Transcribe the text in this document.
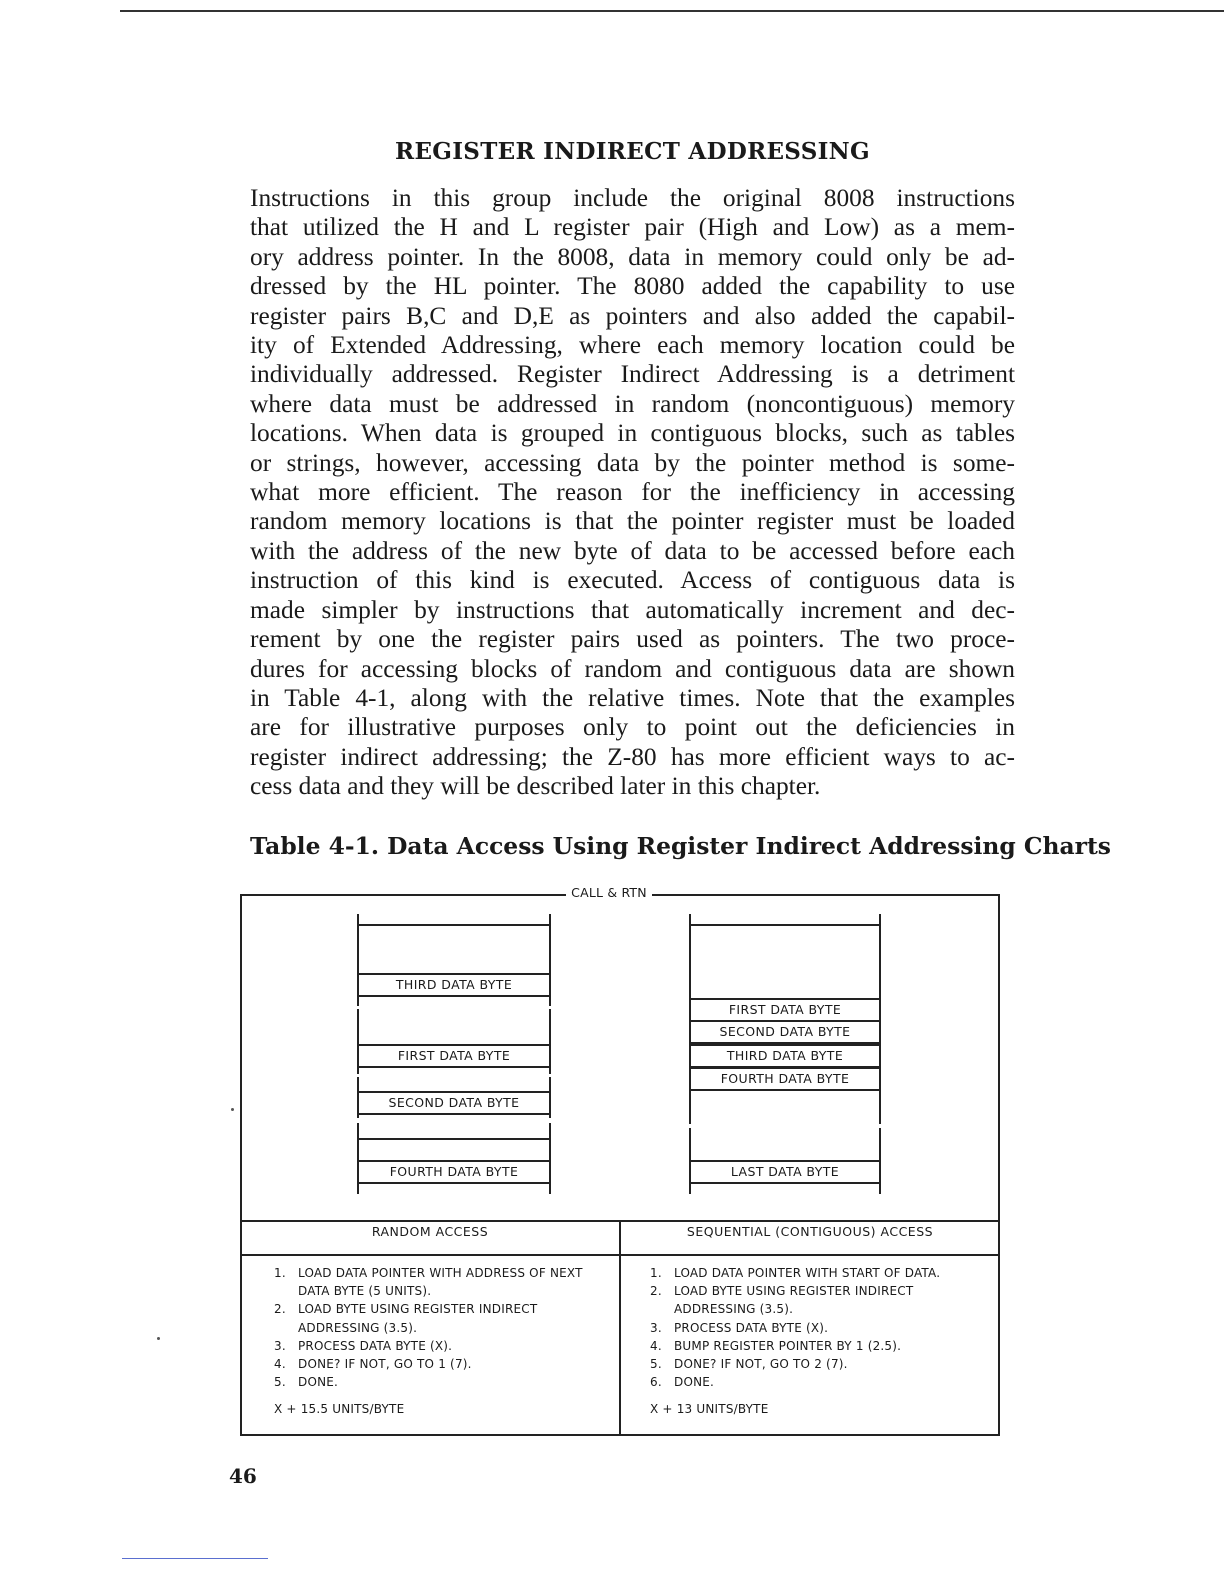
REGISTER INDIRECT ADDRESSING
Instructions in this group include the original 8008 instructions
that utilized the H and L register pair (High and Low) as a mem-
ory address pointer. In the 8008, data in memory could only be ad-
dressed by the HL pointer. The 8080 added the capability to use
register pairs B,C and D,E as pointers and also added the capabil-
ity of Extended Addressing, where each memory location could be
individually addressed. Register Indirect Addressing is a detriment
where data must be addressed in random (noncontiguous) memory
locations. When data is grouped in contiguous blocks, such as tables
or strings, however, accessing data by the pointer method is some-
what more efficient. The reason for the inefficiency in accessing
random memory locations is that the pointer register must be loaded
with the address of the new byte of data to be accessed before each
instruction of this kind is executed. Access of contiguous data is
made simpler by instructions that automatically increment and dec-
rement by one the register pairs used as pointers. The two proce-
dures for accessing blocks of random and contiguous data are shown
in Table 4-1, along with the relative times. Note that the examples
are for illustrative purposes only to point out the deficiencies in
register indirect addressing; the Z-80 has more efficient ways to ac-
cess data and they will be described later in this chapter.
Table 4-1. Data Access Using Register Indirect Addressing Charts
CALL & RTN
THIRD DATA BYTE
FIRST DATA BYTE
SECOND DATA BYTE
FOURTH DATA BYTE
FIRST DATA BYTE
SECOND DATA BYTE
THIRD DATA BYTE
FOURTH DATA BYTE
LAST DATA BYTE
RANDOM ACCESS	SEQUENTIAL (CONTIGUOUS) ACCESS
1. LOAD DATA POINTER WITH ADDRESS OF NEXT DATA BYTE (5 UNITS).
2. LOAD BYTE USING REGISTER INDIRECT ADDRESSING (3.5).
3. PROCESS DATA BYTE (X).
4. DONE? IF NOT, GO TO 1 (7).
5. DONE.
X + 15.5 UNITS/BYTE
1. LOAD DATA POINTER WITH START OF DATA.
2. LOAD BYTE USING REGISTER INDIRECT ADDRESSING (3.5).
3. PROCESS DATA BYTE (X).
4. BUMP REGISTER POINTER BY 1 (2.5).
5. DONE? IF NOT, GO TO 2 (7).
6. DONE.
X + 13 UNITS/BYTE
46
